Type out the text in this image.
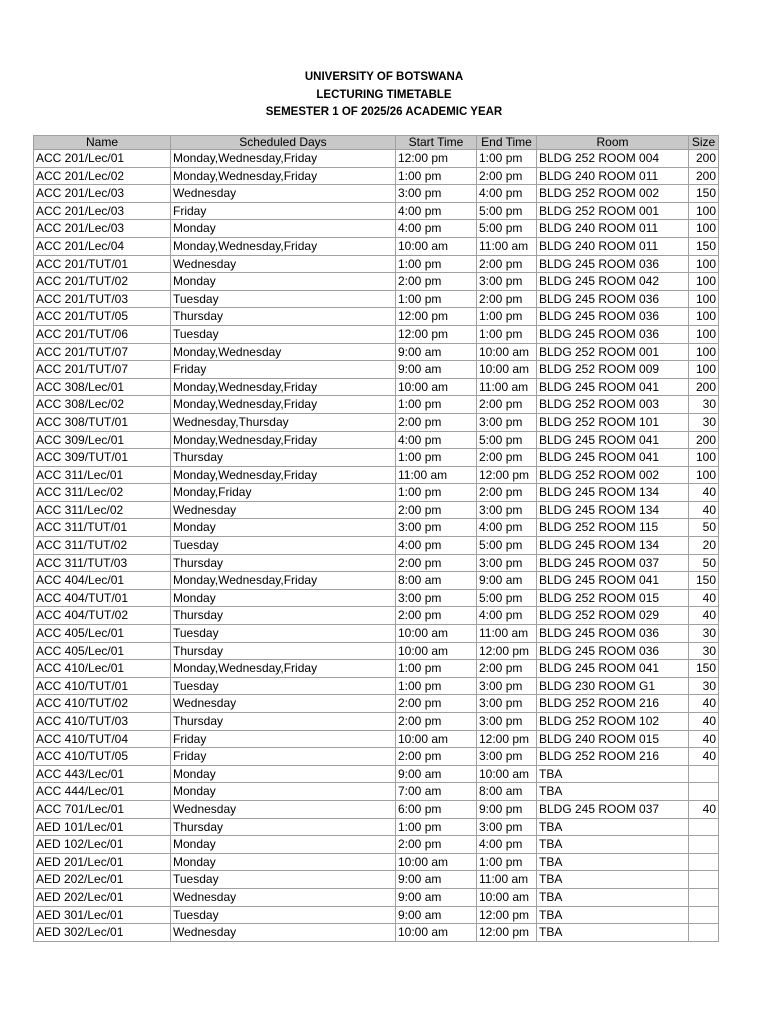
UNIVERSITY OF BOTSWANA
LECTURING TIMETABLE
SEMESTER 1 OF 2025/26 ACADEMIC YEAR
Name	Scheduled Days	Start Time	End Time	Room	Size
ACC 201/Lec/01	Monday,Wednesday,Friday	12:00 pm	1:00 pm	BLDG 252 ROOM 004	200
ACC 201/Lec/02	Monday,Wednesday,Friday	1:00 pm	2:00 pm	BLDG 240 ROOM 011	200
ACC 201/Lec/03	Wednesday	3:00 pm	4:00 pm	BLDG 252 ROOM 002	150
ACC 201/Lec/03	Friday	4:00 pm	5:00 pm	BLDG 252 ROOM 001	100
ACC 201/Lec/03	Monday	4:00 pm	5:00 pm	BLDG 240 ROOM 011	100
ACC 201/Lec/04	Monday,Wednesday,Friday	10:00 am	11:00 am	BLDG 240 ROOM 011	150
ACC 201/TUT/01	Wednesday	1:00 pm	2:00 pm	BLDG 245 ROOM 036	100
ACC 201/TUT/02	Monday	2:00 pm	3:00 pm	BLDG 245 ROOM 042	100
ACC 201/TUT/03	Tuesday	1:00 pm	2:00 pm	BLDG 245 ROOM 036	100
ACC 201/TUT/05	Thursday	12:00 pm	1:00 pm	BLDG 245 ROOM 036	100
ACC 201/TUT/06	Tuesday	12:00 pm	1:00 pm	BLDG 245 ROOM 036	100
ACC 201/TUT/07	Monday,Wednesday	9:00 am	10:00 am	BLDG 252 ROOM 001	100
ACC 201/TUT/07	Friday	9:00 am	10:00 am	BLDG 252 ROOM 009	100
ACC 308/Lec/01	Monday,Wednesday,Friday	10:00 am	11:00 am	BLDG 245 ROOM 041	200
ACC 308/Lec/02	Monday,Wednesday,Friday	1:00 pm	2:00 pm	BLDG 252 ROOM 003	30
ACC 308/TUT/01	Wednesday,Thursday	2:00 pm	3:00 pm	BLDG 252 ROOM 101	30
ACC 309/Lec/01	Monday,Wednesday,Friday	4:00 pm	5:00 pm	BLDG 245 ROOM 041	200
ACC 309/TUT/01	Thursday	1:00 pm	2:00 pm	BLDG 245 ROOM 041	100
ACC 311/Lec/01	Monday,Wednesday,Friday	11:00 am	12:00 pm	BLDG 252 ROOM 002	100
ACC 311/Lec/02	Monday,Friday	1:00 pm	2:00 pm	BLDG 245 ROOM 134	40
ACC 311/Lec/02	Wednesday	2:00 pm	3:00 pm	BLDG 245 ROOM 134	40
ACC 311/TUT/01	Monday	3:00 pm	4:00 pm	BLDG 252 ROOM 115	50
ACC 311/TUT/02	Tuesday	4:00 pm	5:00 pm	BLDG 245 ROOM 134	20
ACC 311/TUT/03	Thursday	2:00 pm	3:00 pm	BLDG 245 ROOM 037	50
ACC 404/Lec/01	Monday,Wednesday,Friday	8:00 am	9:00 am	BLDG 245 ROOM 041	150
ACC 404/TUT/01	Monday	3:00 pm	5:00 pm	BLDG 252 ROOM 015	40
ACC 404/TUT/02	Thursday	2:00 pm	4:00 pm	BLDG 252 ROOM 029	40
ACC 405/Lec/01	Tuesday	10:00 am	11:00 am	BLDG 245 ROOM 036	30
ACC 405/Lec/01	Thursday	10:00 am	12:00 pm	BLDG 245 ROOM 036	30
ACC 410/Lec/01	Monday,Wednesday,Friday	1:00 pm	2:00 pm	BLDG 245 ROOM 041	150
ACC 410/TUT/01	Tuesday	1:00 pm	3:00 pm	BLDG 230 ROOM G1	30
ACC 410/TUT/02	Wednesday	2:00 pm	3:00 pm	BLDG 252 ROOM 216	40
ACC 410/TUT/03	Thursday	2:00 pm	3:00 pm	BLDG 252 ROOM 102	40
ACC 410/TUT/04	Friday	10:00 am	12:00 pm	BLDG 240 ROOM 015	40
ACC 410/TUT/05	Friday	2:00 pm	3:00 pm	BLDG 252 ROOM 216	40
ACC 443/Lec/01	Monday	9:00 am	10:00 am	TBA	
ACC 444/Lec/01	Monday	7:00 am	8:00 am	TBA	
ACC 701/Lec/01	Wednesday	6:00 pm	9:00 pm	BLDG 245 ROOM 037	40
AED 101/Lec/01	Thursday	1:00 pm	3:00 pm	TBA	
AED 102/Lec/01	Monday	2:00 pm	4:00 pm	TBA	
AED 201/Lec/01	Monday	10:00 am	1:00 pm	TBA	
AED 202/Lec/01	Tuesday	9:00 am	11:00 am	TBA	
AED 202/Lec/01	Wednesday	9:00 am	10:00 am	TBA	
AED 301/Lec/01	Tuesday	9:00 am	12:00 pm	TBA	
AED 302/Lec/01	Wednesday	10:00 am	12:00 pm	TBA	
